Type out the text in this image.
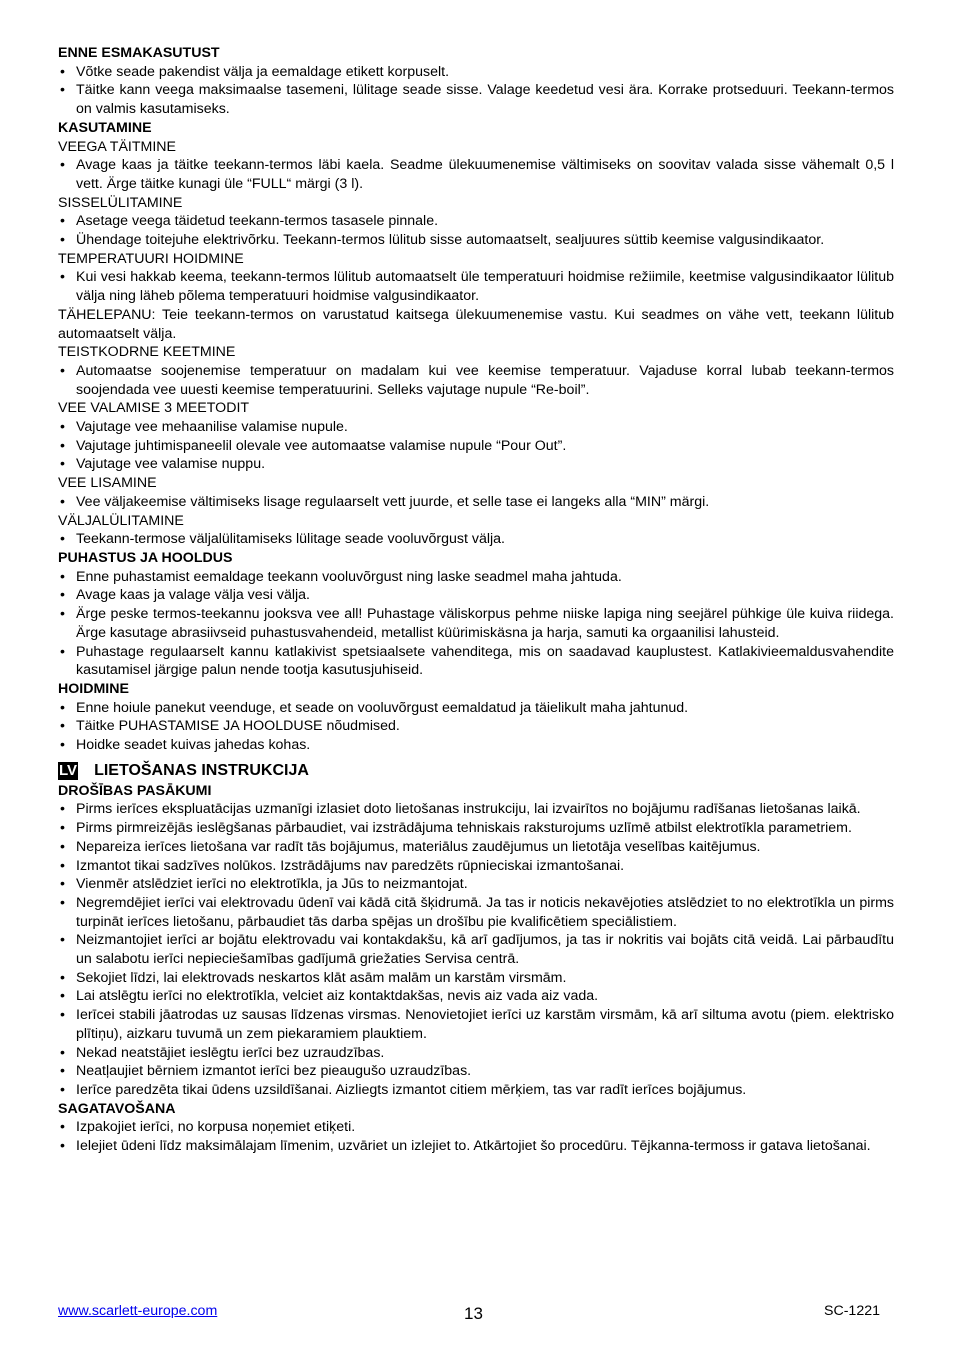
ENNE ESMAKASUTUST
• Võtke seade pakendist välja ja eemaldage etikett korpuselt.
• Täitke kann veega maksimaalse tasemeni, lülitage seade sisse. Valage keedetud vesi ära. Korrake protseduuri. Teekann-termos on valmis kasutamiseks.
KASUTAMINE
VEEGA TÄITMINE
• Avage kaas ja täitke teekann-termos läbi kaela. Seadme ülekuumenemise vältimiseks on soovitav valada sisse vähemalt 0,5 l vett. Ärge täitke kunagi üle “FULL“ märgi (3 l).
SISSELÜLITAMINE
• Asetage veega täidetud teekann-termos tasasele pinnale.
• Ühendage toitejuhe elektrivõrku. Teekann-termos lülitub sisse automaatselt, sealjuures süttib keemise valgusindikaator.
TEMPERATUURI HOIDMINE
• Kui vesi hakkab keema, teekann-termos lülitub automaatselt üle temperatuuri hoidmise režiimile, keetmise valgusindikaator lülitub välja ning läheb põlema temperatuuri hoidmise valgusindikaator.
TÄHELEPANU: Teie teekann-termos on varustatud kaitsega ülekuumenemise vastu. Kui seadmes on vähe vett, teekann lülitub automaatselt välja.
TEISTKODRNE KEETMINE
• Automaatse soojenemise temperatuur on madalam kui vee keemise temperatuur. Vajaduse korral lubab teekann-termos soojendada vee uuesti keemise temperatuurini. Selleks vajutage nupule “Re-boil”.
VEE VALAMISE 3 MEETODIT
• Vajutage vee mehaanilise valamise nupule.
• Vajutage juhtimispaneelil olevale vee automaatse valamise nupule “Pour Out”.
• Vajutage vee valamise nuppu.
VEE LISAMINE
• Vee väljakeemise vältimiseks lisage regulaarselt vett juurde, et selle tase ei langeks alla “MIN” märgi.
VÄLJALÜLITAMINE
• Teekann-termose väljalülitamiseks lülitage seade vooluvõrgust välja.
PUHASTUS JA HOOLDUS
• Enne puhastamist eemaldage teekann vooluvõrgust ning laske seadmel maha jahtuda.
• Avage kaas ja valage välja vesi välja.
• Ärge peske termos-teekannu jooksva vee all! Puhastage väliskorpus pehme niiske lapiga ning seejärel pühkige üle kuiva riidega. Ärge kasutage abrasiivseid puhastusvahendeid, metallist küürimiskäsna ja harja, samuti ka orgaanilisi lahusteid.
• Puhastage regulaarselt kannu katlakivist spetsiaalsete vahenditega, mis on saadavad kauplustest. Katlakivieemaldusvahendite kasutamisel järgige palun nende tootja kasutusjuhiseid.
HOIDMINE
• Enne hoiule panekut veenduge, et seade on vooluvõrgust eemaldatud ja täielikult maha jahtunud.
• Täitke PUHASTAMISE JA HOOLDUSE nõudmised.
• Hoidke seadet kuivas jahedas kohas.
LV LIETOŠANAS INSTRUKCIJA
DROŠĪBAS PASĀKUMI
• Pirms ierīces ekspluatācijas uzmanīgi izlasiet doto lietošanas instrukciju, lai izvairītos no bojājumu radīšanas lietošanas laikā.
• Pirms pirmreizējās ieslēgšanas pārbaudiet, vai izstrādājuma tehniskais raksturojums uzlīmē atbilst elektrotīkla parametriem.
• Nepareiza ierīces lietošana var radīt tās bojājumus, materiālus zaudējumus un lietotāja veselības kaitējumus.
• Izmantot tikai sadzīves nolūkos. Izstrādājums nav paredzēts rūpnieciskai izmantošanai.
• Vienmēr atslēdziet ierīci no elektrotīkla, ja Jūs to neizmantojat.
• Negremdējiet ierīci vai elektrovadu ūdenī vai kādā citā šķidrumā. Ja tas ir noticis nekavējoties atslēdziet to no elektrotīkla un pirms turpināt ierīces lietošanu, pārbaudiet tās darba spējas un drošību pie kvalificētiem speciālistiem.
• Neizmantojiet ierīci ar bojātu elektrovadu vai kontakdakšu, kā arī gadījumos, ja tas ir nokritis vai bojāts citā veidā. Lai pārbaudītu un salabotu ierīci nepieciešamības gadījumā griežaties Servisa centrā.
• Sekojiet līdzi, lai elektrovads neskartos klāt asām malām un karstām virsmām.
• Lai atslēgtu ierīci no elektrotīkla, velciet aiz kontaktdakšas, nevis aiz vada aiz vada.
• Ierīcei stabili jāatrodas uz sausas līdzenas virsmas. Nenovietojiet ierīci uz karstām virsmām, kā arī siltuma avotu (piem. elektrisko plītiņu), aizkaru tuvumā un zem piekaramiem plauktiem.
• Nekad neatstājiet ieslēgtu ierīci bez uzraudzības.
• Neatļaujiet bērniem izmantot ierīci bez pieaugušo uzraudzības.
• Ierīce paredzēta tikai ūdens uzsildīšanai. Aizliegts izmantot citiem mērķiem, tas var radīt ierīces bojājumus.
SAGATAVOŠANA
• Izpakojiet ierīci, no korpusa noņemiet etiķeti.
• Ielejiet ūdeni līdz maksimālajam līmenim, uzvāriet un izlejiet to. Atkārtojiet šo procedūru. Tējkanna-termoss ir gatava lietošanai.
www.scarlett-europe.com	13	SC-1221
